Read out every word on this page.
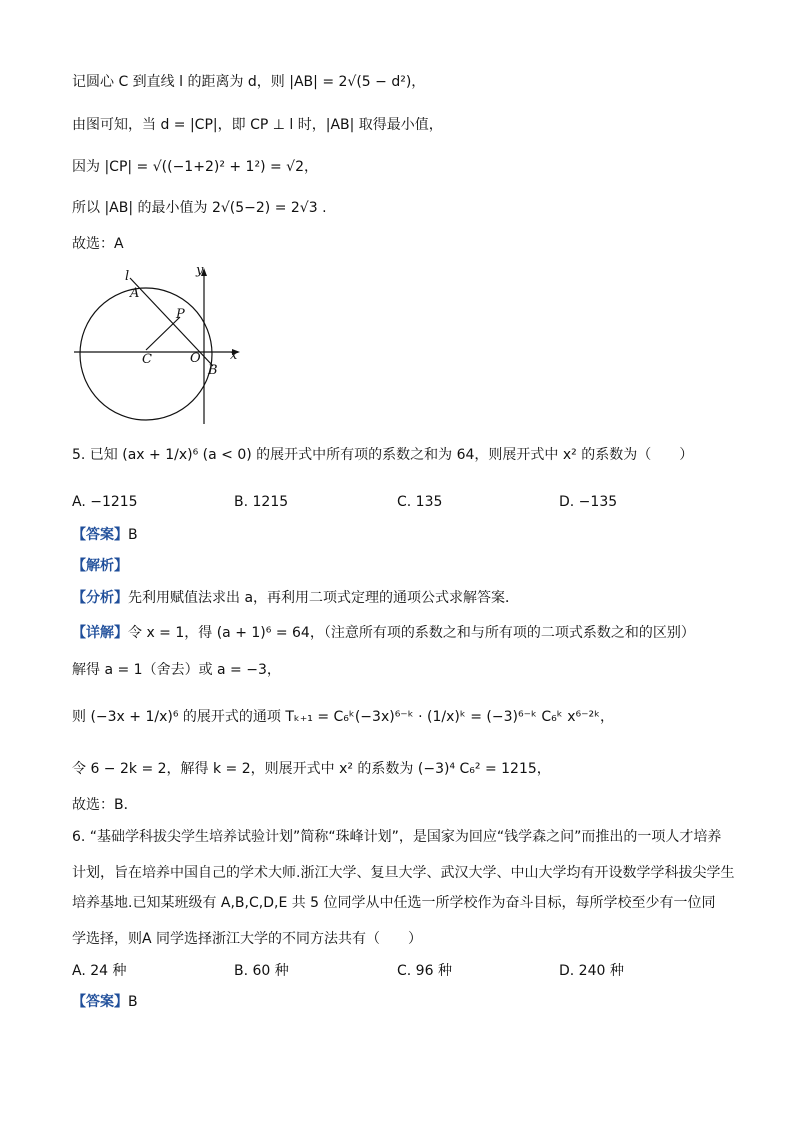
记圆心 C 到直线 l 的距离为 d，则 |AB| = 2√(5 − d²)，
由图可知，当 d = |CP|，即 CP ⊥ l 时，|AB| 取得最小值，
因为 |CP| = √((−1+2)² + 1²) = √2，
所以 |AB| 的最小值为 2√(5−2) = 2√3 .
故选：A
l	y
A
P
C	O x
B
5. 已知 (ax + 1/x)⁶ (a < 0) 的展开式中所有项的系数之和为 64，则展开式中 x² 的系数为（　　）
A. −1215	B. 1215	C. 135	D. −135
【答案】B
【解析】
【分析】先利用赋值法求出 a，再利用二项式定理的通项公式求解答案．
【详解】令 x = 1，得 (a + 1)⁶ = 64，（注意所有项的系数之和与所有项的二项式系数之和的区别）
解得 a = 1（舍去）或 a = −3，
则 (−3x + 1/x)⁶ 的展开式的通项 Tₖ₊₁ = C₆ᵏ(−3x)⁶⁻ᵏ · (1/x)ᵏ = (−3)⁶⁻ᵏ C₆ᵏ x⁶⁻²ᵏ，
令 6 − 2k = 2，解得 k = 2，则展开式中 x² 的系数为 (−3)⁴ C₆² = 1215，
故选：B．
6. “基础学科拔尖学生培养试验计划”简称“珠峰计划”，是国家为回应“钱学森之问”而推出的一项人才培养
计划，旨在培养中国自己的学术大师.浙江大学、复旦大学、武汉大学、中山大学均有开设数学学科拔尖学生
培养基地.已知某班级有 A,B,C,D,E 共 5 位同学从中任选一所学校作为奋斗目标，每所学校至少有一位同
学选择，则A 同学选择浙江大学的不同方法共有（　　）
A. 24 种	B. 60 种	C. 96 种	D. 240 种
【答案】B
